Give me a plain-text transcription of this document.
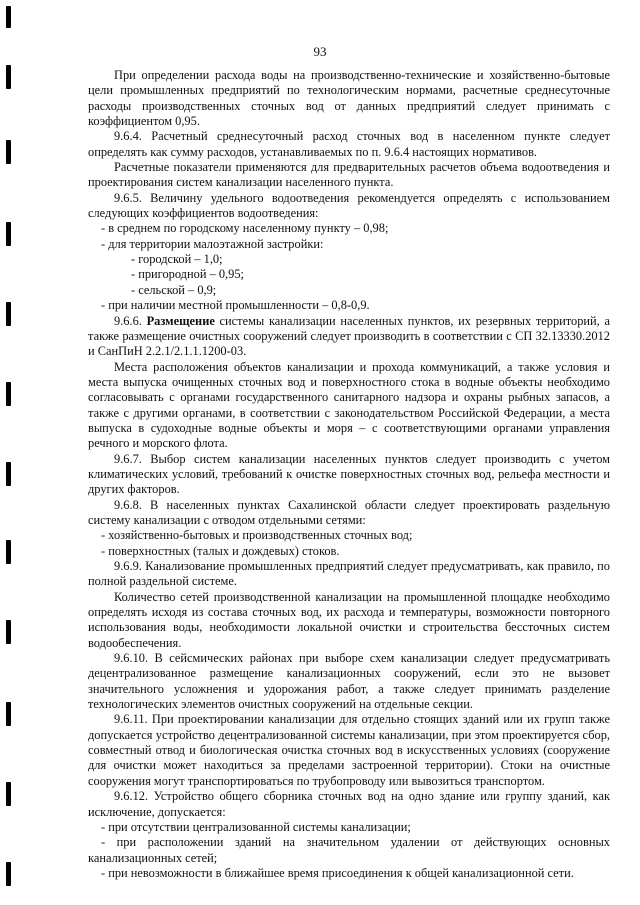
93

При определении расхода воды на производственно-технические и хозяйственно-бытовые цели промышленных предприятий по технологическим нормами, расчетные среднесуточные расходы производственных сточных вод от данных предприятий следует принимать с коэффициентом 0,95.

9.6.4. Расчетный среднесуточный расход сточных вод в населенном пункте следует определять как сумму расходов, устанавливаемых по п. 9.6.4 настоящих нормативов.

Расчетные показатели применяются для предварительных расчетов объема водоотведения и проектирования систем канализации населенного пункта.

9.6.5. Величину удельного водоотведения рекомендуется определять с использованием следующих коэффициентов водоотведения:

- в среднем по городскому населенному пункту – 0,98;

- для территории малоэтажной застройки:

- городской – 1,0;

- пригородной – 0,95;

- сельской – 0,9;

- при наличии местной промышленности – 0,8-0,9.

9.6.6. Размещение системы канализации населенных пунктов, их резервных территорий, а также размещение очистных сооружений следует производить в соответствии с СП 32.13330.2012 и СанПиН 2.2.1/2.1.1.1200-03.

Места расположения объектов канализации и прохода коммуникаций, а также условия и места выпуска очищенных сточных вод и поверхностного стока в водные объекты необходимо согласовывать с органами государственного санитарного надзора и охраны рыбных запасов, а также с другими органами, в соответствии с законодательством Российской Федерации, а места выпуска в судоходные водные объекты и моря – с соответствующими органами управления речного и морского флота.

9.6.7. Выбор систем канализации населенных пунктов следует производить с учетом климатических условий, требований к очистке поверхностных сточных вод, рельефа местности и других факторов.

9.6.8. В населенных пунктах Сахалинской области следует проектировать раздельную систему канализации с отводом отдельными сетями:

- хозяйственно-бытовых и производственных сточных вод;

- поверхностных (талых и дождевых) стоков.

9.6.9. Канализование промышленных предприятий следует предусматривать, как правило, по полной раздельной системе.

Количество сетей производственной канализации на промышленной площадке необходимо определять исходя из состава сточных вод, их расхода и температуры, возможности повторного использования воды, необходимости локальной очистки и строительства бессточных систем водообеспечения.

9.6.10. В сейсмических районах при выборе схем канализации следует предусматривать децентрализованное размещение канализационных сооружений, если это не вызовет значительного усложнения и удорожания работ, а также следует принимать разделение технологических элементов очистных сооружений на отдельные секции.

9.6.11. При проектировании канализации для отдельно стоящих зданий или их групп также допускается устройство децентрализованной системы канализации, при этом проектируется сбор, совместный отвод и биологическая очистка сточных вод в искусственных условиях (сооружение для очистки может находиться за пределами застроенной территории). Стоки на очистные сооружения могут транспортироваться по трубопроводу или вывозиться транспортом.

9.6.12. Устройство общего сборника сточных вод на одно здание или группу зданий, как исключение, допускается:

- при отсутствии централизованной системы канализации;

- при расположении зданий на значительном удалении от действующих основных канализационных сетей;

- при невозможности в ближайшее время присоединения к общей канализационной сети.
